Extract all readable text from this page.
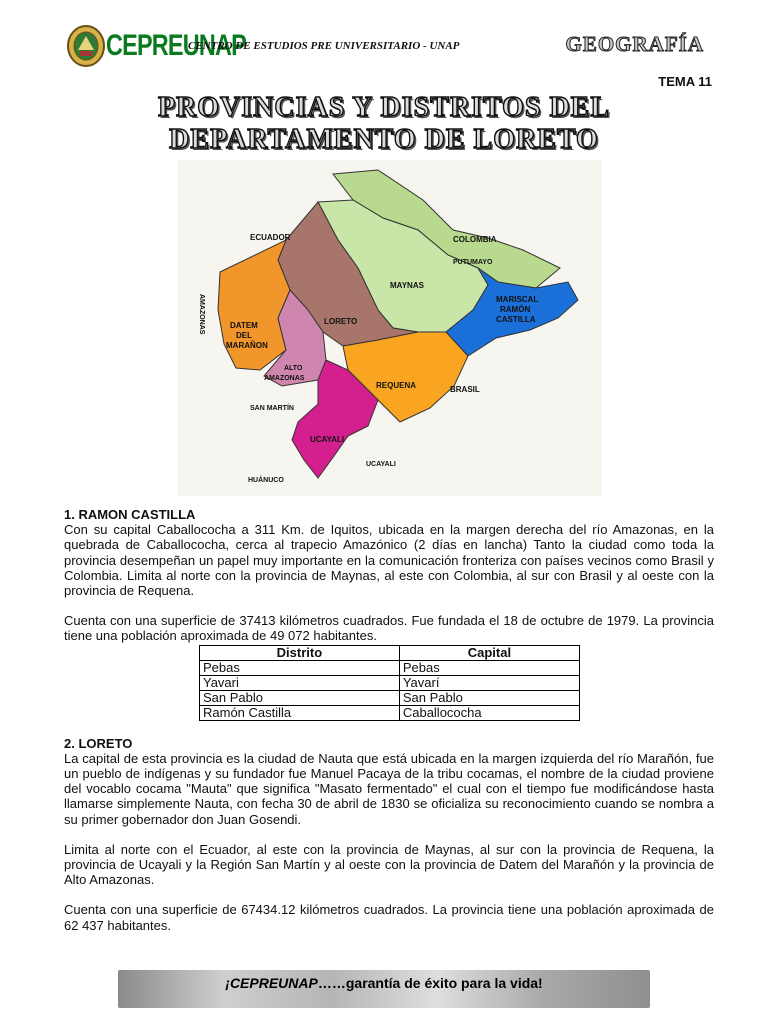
CEPREUNAP
CENTRO DE ESTUDIOS PRE UNIVERSITARIO - UNAP	GEOGRAFÍA
TEMA 11
PROVINCIAS Y DISTRITOS DEL
DEPARTAMENTO DE LORETO
ECUADOR	COLOMBIA
PUTUMAYO
MAYNAS
MARISCAL
RAMÓN
CASTILLA
LORETO
DATEM
DEL
MARAÑON
ALTO
AMAZONAS
REQUENA	BRASIL
SAN MARTÍN
UCAYALI
UCAYALI
HUÁNUCO
AMAZONAS
1. RAMON CASTILLA

Con su capital Caballococha a 311 Km. de Iquitos, ubicada en la margen derecha del río Amazonas, en la quebrada de Caballococha, cerca al trapecio Amazónico (2 días en lancha) Tanto la ciudad como toda la provincia desempeñan un papel muy importante en la comunicación fronteriza con países vecinos como Brasil y Colombia. Limita al norte con la provincia de Maynas, al este con Colombia, al sur con Brasil y al oeste con la provincia de Requena.

Cuenta con una superficie de 37413 kilómetros cuadrados. Fue fundada el 18 de octubre de 1979. La provincia tiene una población aproximada de 49 072 habitantes.

Distrito	Capital
Pebas	Pebas
Yavari	Yavarí
San Pablo	San Pablo
Ramón Castilla	Caballococha
2. LORETO

La capital de esta provincia es la ciudad de Nauta que está ubicada en la margen izquierda del río Marañón, fue un pueblo de indígenas y su fundador fue Manuel Pacaya de la tribu cocamas, el nombre de la ciudad proviene del vocablo cocama "Mauta" que significa "Masato fermentado" el cual con el tiempo fue modificándose hasta llamarse simplemente Nauta, con fecha 30 de abril de 1830 se oficializa su reconocimiento cuando se nombra a su primer gobernador don Juan Gosendi.

Limita al norte con el Ecuador, al este con la provincia de Maynas, al sur con la provincia de Requena, la provincia de Ucayali y la Región San Martín y al oeste con la provincia de Datem del Marañón y la provincia de Alto Amazonas.

Cuenta con una superficie de 67434.12 kilómetros cuadrados. La provincia tiene una población aproximada de 62 437 habitantes.

¡CEPREUNAP……garantía de éxito para la vida!
